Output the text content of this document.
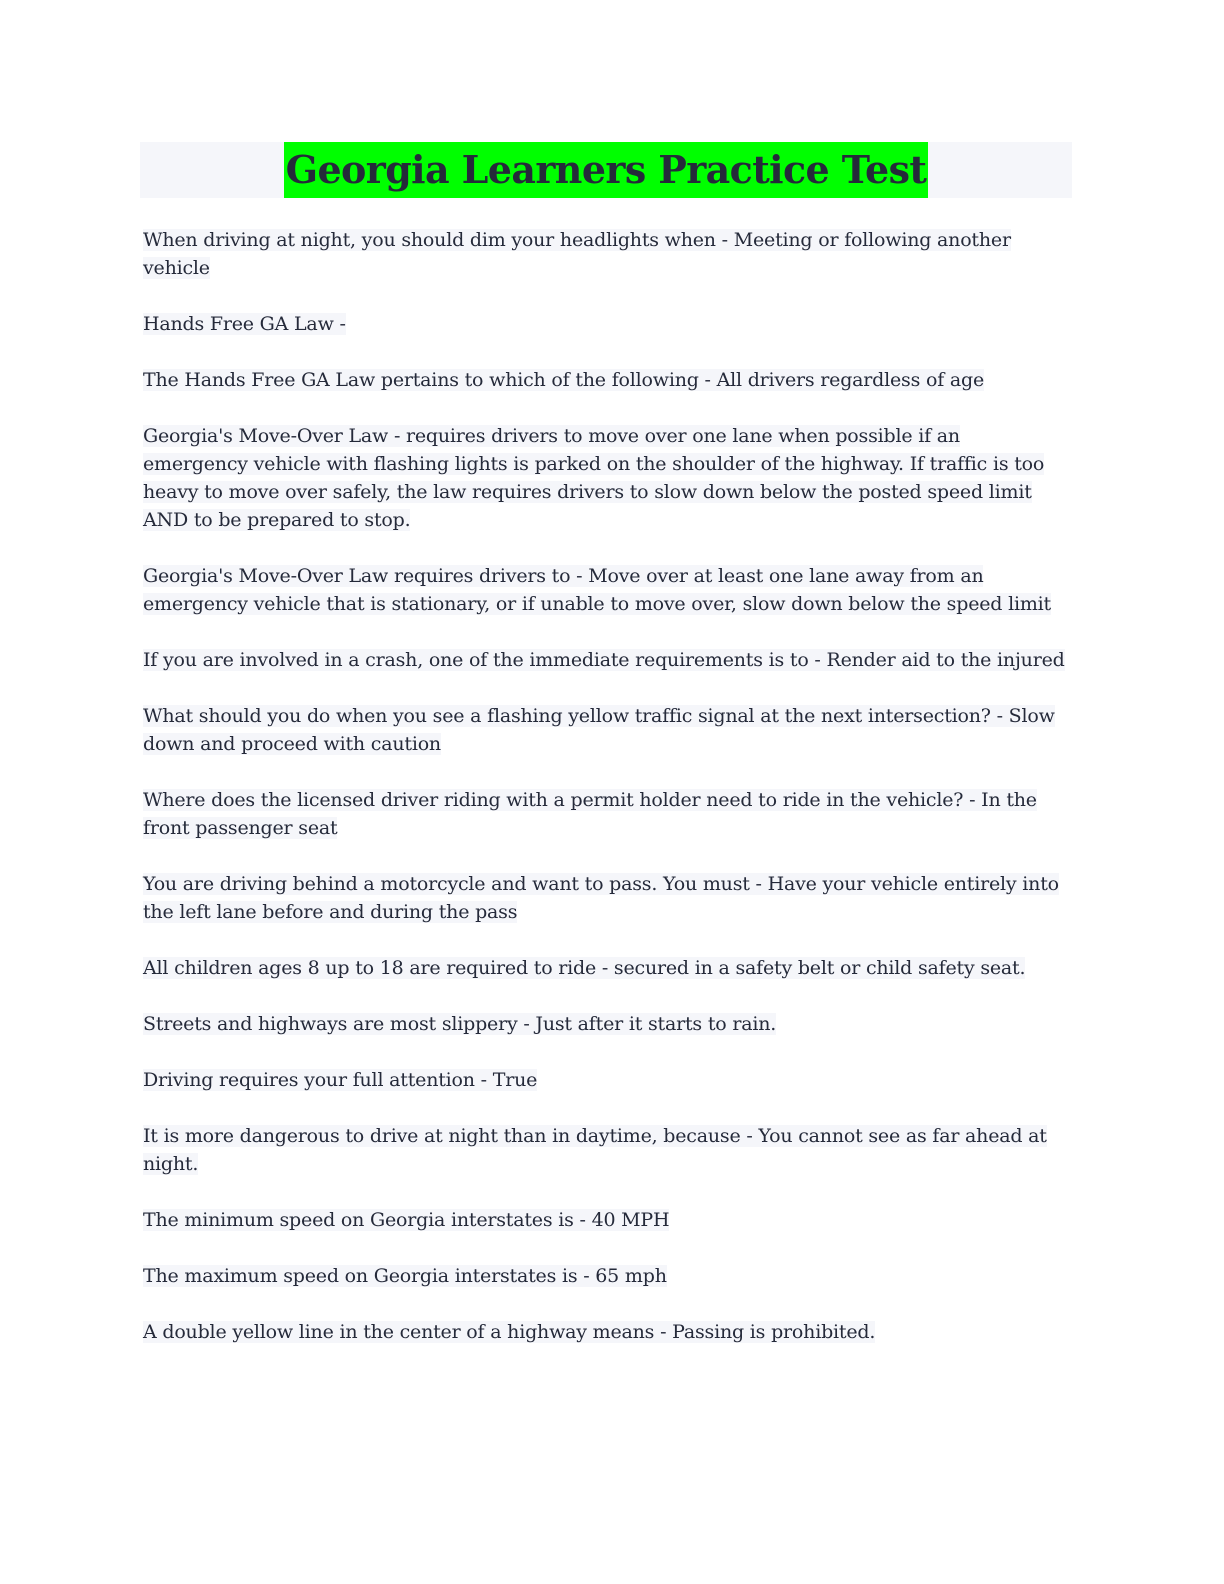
Georgia Learners Practice Test

When driving at night, you should dim your headlights when - Meeting or following another vehicle

Hands Free GA Law -

The Hands Free GA Law pertains to which of the following - All drivers regardless of age

Georgia's Move-Over Law - requires drivers to move over one lane when possible if an emergency vehicle with flashing lights is parked on the shoulder of the highway. If traffic is too heavy to move over safely, the law requires drivers to slow down below the posted speed limit AND to be prepared to stop.

Georgia's Move-Over Law requires drivers to - Move over at least one lane away from an emergency vehicle that is stationary, or if unable to move over, slow down below the speed limit

If you are involved in a crash, one of the immediate requirements is to - Render aid to the injured

What should you do when you see a flashing yellow traffic signal at the next intersection? - Slow down and proceed with caution

Where does the licensed driver riding with a permit holder need to ride in the vehicle? - In the front passenger seat

You are driving behind a motorcycle and want to pass. You must - Have your vehicle entirely into the left lane before and during the pass

All children ages 8 up to 18 are required to ride - secured in a safety belt or child safety seat.

Streets and highways are most slippery - Just after it starts to rain.

Driving requires your full attention - True

It is more dangerous to drive at night than in daytime, because - You cannot see as far ahead at night.

The minimum speed on Georgia interstates is - 40 MPH

The maximum speed on Georgia interstates is - 65 mph

A double yellow line in the center of a highway means - Passing is prohibited.
